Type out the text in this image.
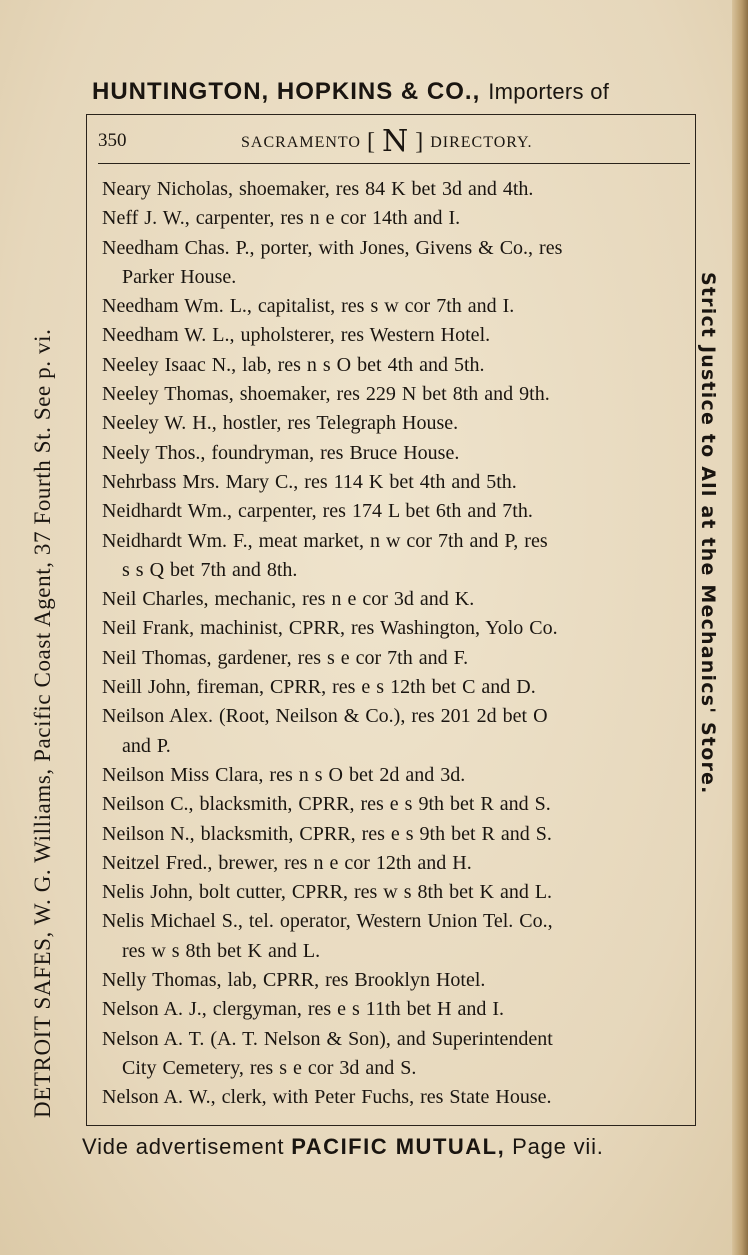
HUNTINGTON, HOPKINS & CO., Importers of
DETROIT SAFES, W. G. Williams, Pacific Coast Agent, 37 Fourth St. See p. vi.	Strict Justice to All at the Mechanics' Store.
350	SACRAMENTO [ N ] DIRECTORY.
Neary Nicholas, shoemaker, res 84 K bet 3d and 4th.
Neff J. W., carpenter, res n e cor 14th and I.
Needham Chas. P., porter, with Jones, Givens & Co., res
Parker House.
Needham Wm. L., capitalist, res s w cor 7th and I.
Needham W. L., upholsterer, res Western Hotel.
Neeley Isaac N., lab, res n s O bet 4th and 5th.
Neeley Thomas, shoemaker, res 229 N bet 8th and 9th.
Neeley W. H., hostler, res Telegraph House.
Neely Thos., foundryman, res Bruce House.
Nehrbass Mrs. Mary C., res 114 K bet 4th and 5th.
Neidhardt Wm., carpenter, res 174 L bet 6th and 7th.
Neidhardt Wm. F., meat market, n w cor 7th and P, res
s s Q bet 7th and 8th.
Neil Charles, mechanic, res n e cor 3d and K.
Neil Frank, machinist, CPRR, res Washington, Yolo Co.
Neil Thomas, gardener, res s e cor 7th and F.
Neill John, fireman, CPRR, res e s 12th bet C and D.
Neilson Alex. (Root, Neilson & Co.), res 201 2d bet O
and P.
Neilson Miss Clara, res n s O bet 2d and 3d.
Neilson C., blacksmith, CPRR, res e s 9th bet R and S.
Neilson N., blacksmith, CPRR, res e s 9th bet R and S.
Neitzel Fred., brewer, res n e cor 12th and H.
Nelis John, bolt cutter, CPRR, res w s 8th bet K and L.
Nelis Michael S., tel. operator, Western Union Tel. Co.,
res w s 8th bet K and L.
Nelly Thomas, lab, CPRR, res Brooklyn Hotel.
Nelson A. J., clergyman, res e s 11th bet H and I.
Nelson A. T. (A. T. Nelson & Son), and Superintendent
City Cemetery, res s e cor 3d and S.
Nelson A. W., clerk, with Peter Fuchs, res State House.
Vide advertisement PACIFIC MUTUAL, Page vii.
